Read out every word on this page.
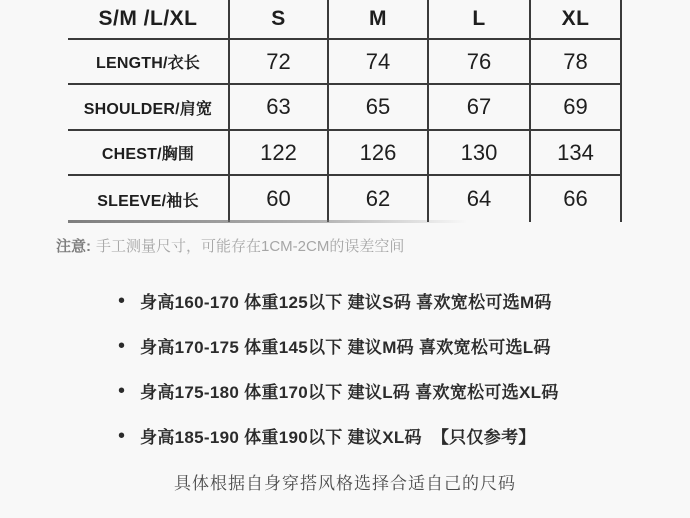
S/M /L/XL	S	M	L	XL
LENGTH/衣长	72	74	76	78
SHOULDER/肩宽	63	65	67	69
CHEST/胸围	122	126	130	134
SLEEVE/袖长	60	62	64	66
注意: 手工测量尺寸，可能存在1CM-2CM的误差空间
• 身高160-170 体重125以下 建议S码 喜欢宽松可选M码
• 身高170-175 体重145以下 建议M码 喜欢宽松可选L码
• 身高175-180 体重170以下 建议L码 喜欢宽松可选XL码
• 身高185-190 体重190以下 建议XL码  【只仅参考】
具体根据自身穿搭风格选择合适自己的尺码
